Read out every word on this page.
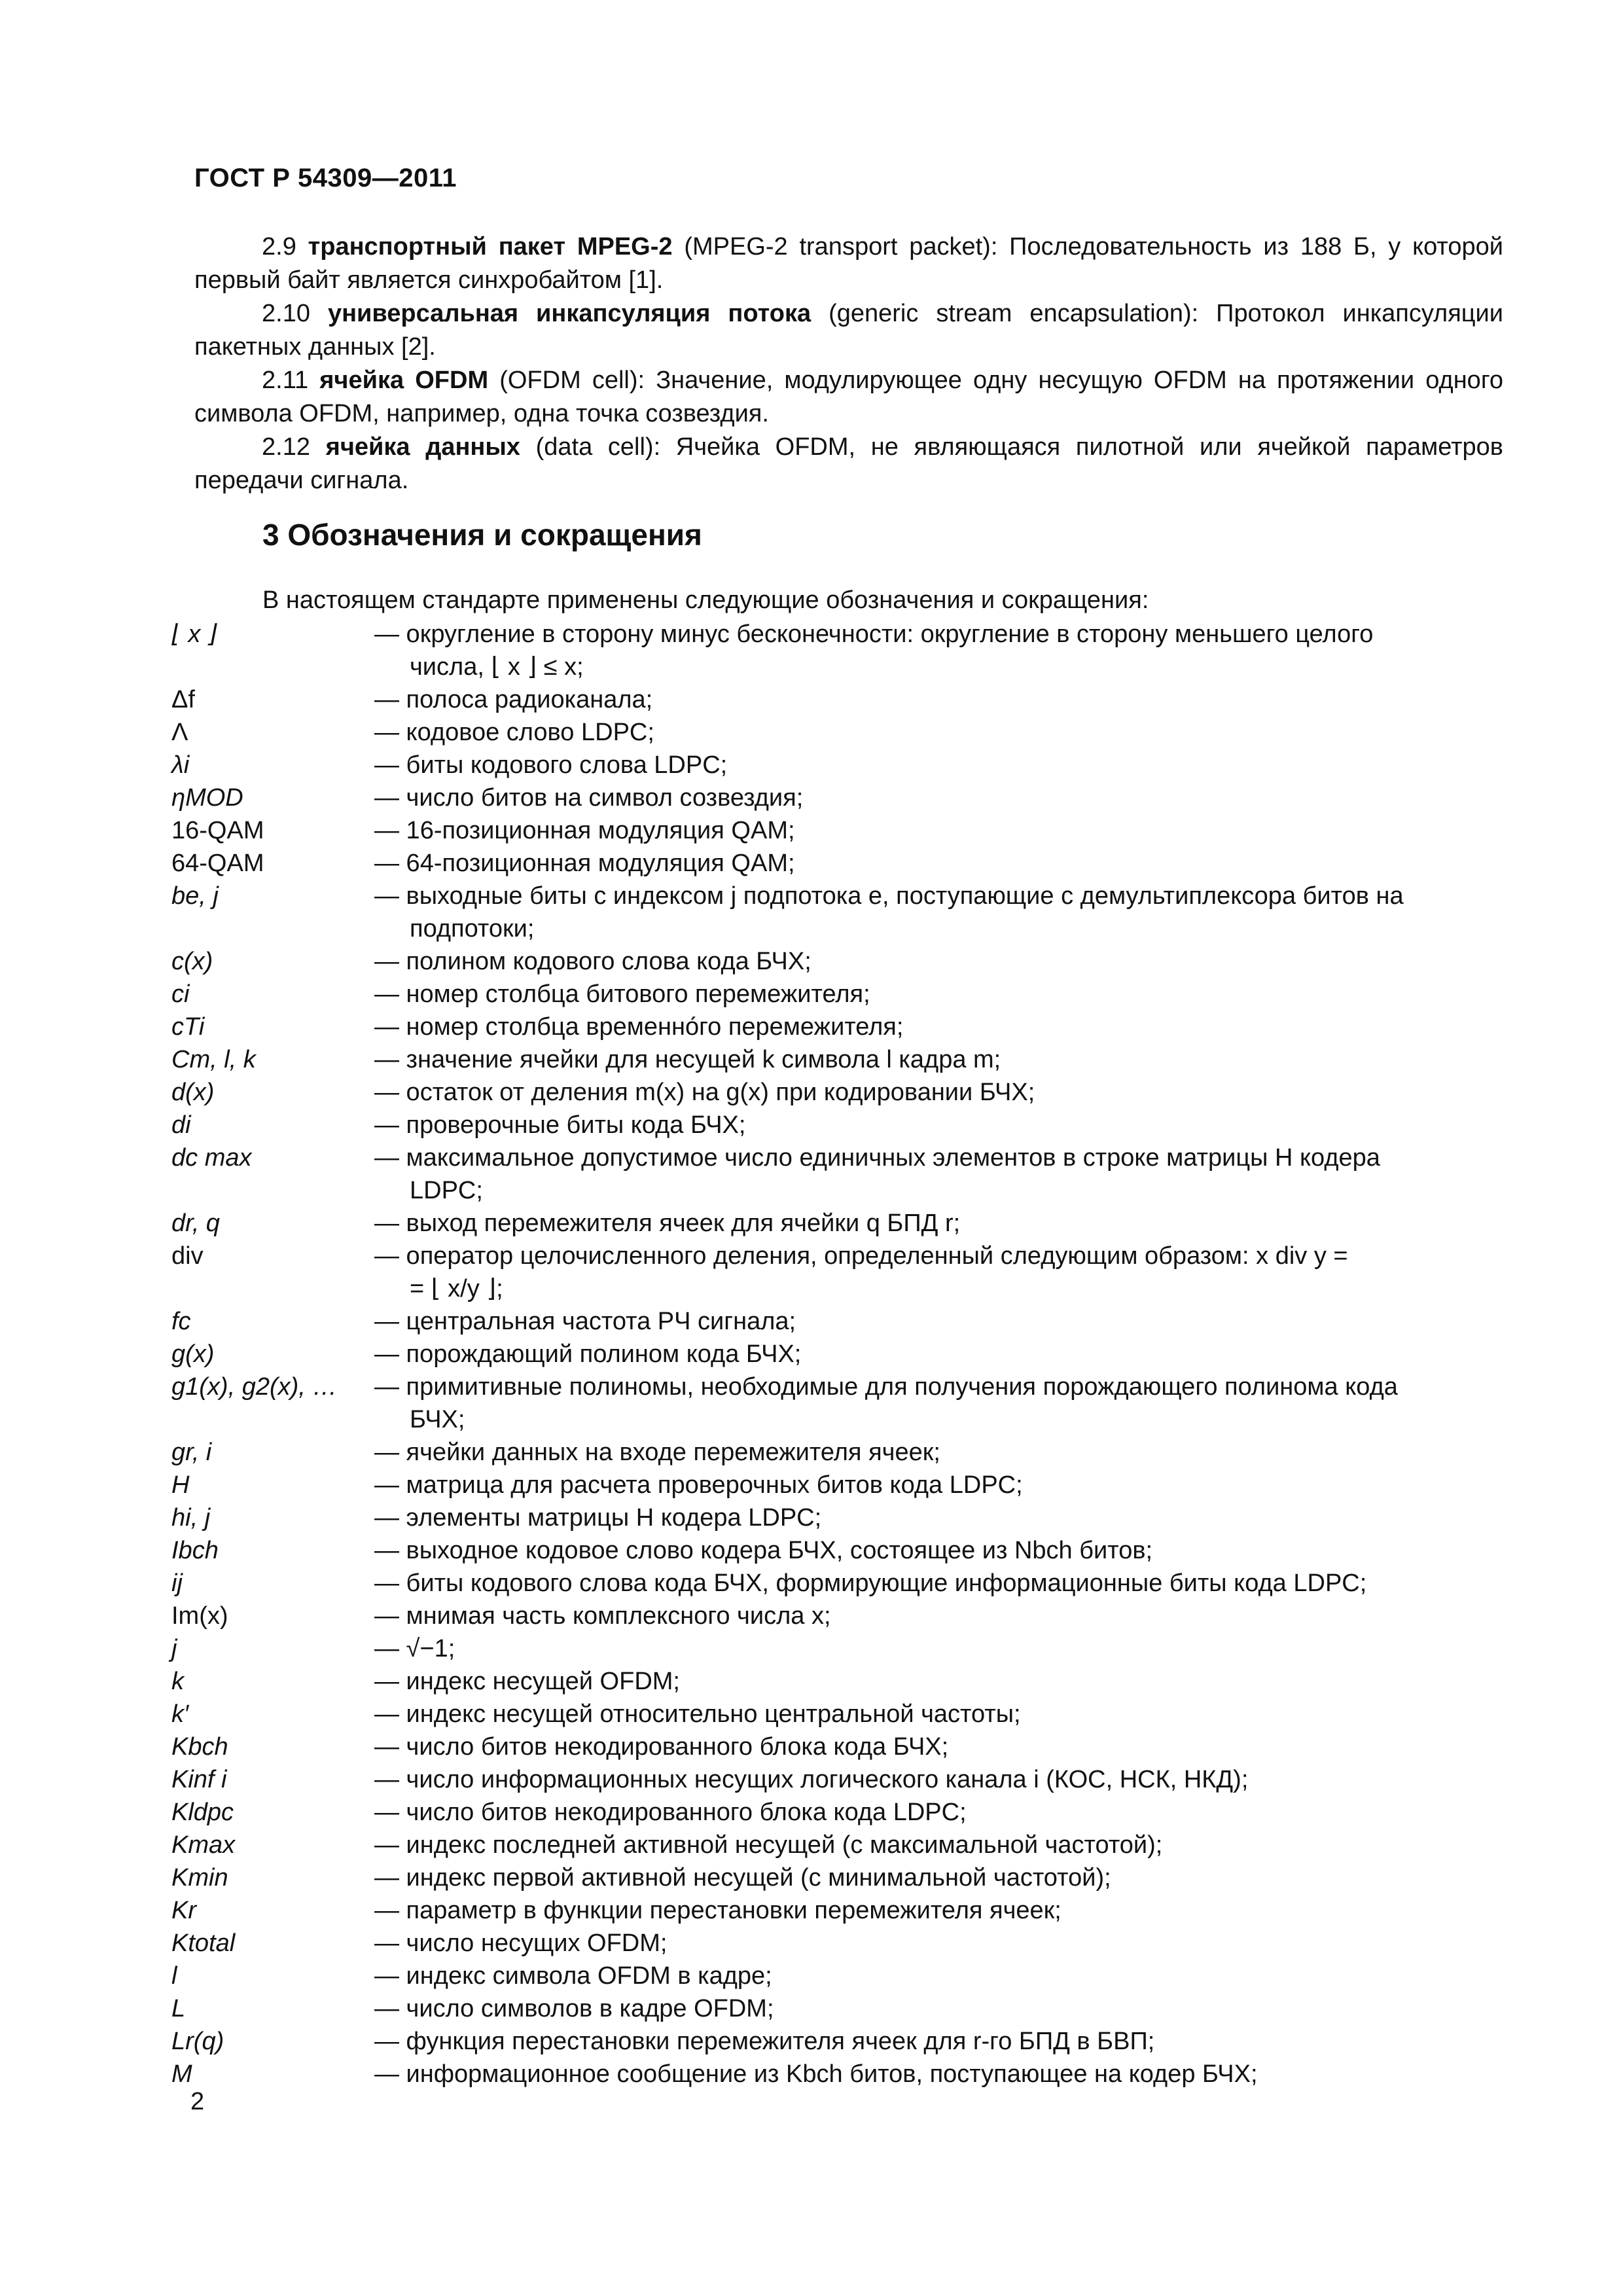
ГОСТ Р 54309—2011

2.9 транспортный пакет MPEG-2 (MPEG-2 transport packet): Последовательность из 188 Б, у которой первый байт является синхробайтом [1].

2.10 универсальная инкапсуляция потока (generic stream encapsulation): Протокол инкапсуляции пакетных данных [2].

2.11 ячейка OFDM (OFDM cell): Значение, модулирующее одну несущую OFDM на протяжении одного символа OFDM, например, одна точка созвездия.

2.12 ячейка данных (data cell): Ячейка OFDM, не являющаяся пилотной или ячейкой параметров передачи сигнала.

3 Обозначения и сокращения
В настоящем стандарте применены следующие обозначения и сокращения:
⌊ x ⌋	— округление в сторону минус бесконечности: округление в сторону меньшего целого
числа, ⌊ x ⌋ ≤ x;
Δf	— полоса радиоканала;
Λ	— кодовое слово LDPC;
λi	— биты кодового слова LDPC;
ηMOD	— число битов на символ созвездия;
16-QAM	— 16-позиционная модуляция QAM;
64-QAM	— 64-позиционная модуляция QAM;
be, j	— выходные биты с индексом j подпотока e, поступающие с демультиплексора битов на
подпотоки;
c(x)	— полином кодового слова кода БЧХ;
ci	— номер столбца битового перемежителя;
cTi	— номер столбца временно́го перемежителя;
Cm, l, k	— значение ячейки для несущей k символа l кадра m;
d(x)	— остаток от деления m(x) на g(x) при кодировании БЧХ;
di	— проверочные биты кода БЧХ;
dc max	— максимальное допустимое число единичных элементов в строке матрицы H кодера
LDPC;
dr, q	— выход перемежителя ячеек для ячейки q БПД r;
div	— оператор целочисленного деления, определенный следующим образом: x div y =
= ⌊ x/y ⌋;
fc	— центральная частота РЧ сигнала;
g(x)	— порождающий полином кода БЧХ;
g1(x), g2(x), …	— примитивные полиномы, необходимые для получения порождающего полинома кода
БЧХ;
gr, i	— ячейки данных на входе перемежителя ячеек;
H	— матрица для расчета проверочных битов кода LDPC;
hi, j	— элементы матрицы H кодера LDPC;
Ibch	— выходное кодовое слово кодера БЧХ, состоящее из Nbch битов;
ij	— биты кодового слова кода БЧХ, формирующие информационные биты кода LDPC;
Im(x)	— мнимая часть комплексного числа x;
j	— √−1;
k	— индекс несущей OFDM;
k′	— индекс несущей относительно центральной частоты;
Kbch	— число битов некодированного блока кода БЧХ;
Kinf i	— число информационных несущих логического канала i (КОС, НСК, НКД);
Kldpc	— число битов некодированного блока кода LDPC;
Kmax	— индекс последней активной несущей (с максимальной частотой);
Kmin	— индекс первой активной несущей (с минимальной частотой);
Kr	— параметр в функции перестановки перемежителя ячеек;
Ktotal	— число несущих OFDM;
l	— индекс символа OFDM в кадре;
L	— число символов в кадре OFDM;
Lr(q)	— функция перестановки перемежителя ячеек для r-го БПД в БВП;
M	— информационное сообщение из Kbch битов, поступающее на кодер БЧХ;
2
